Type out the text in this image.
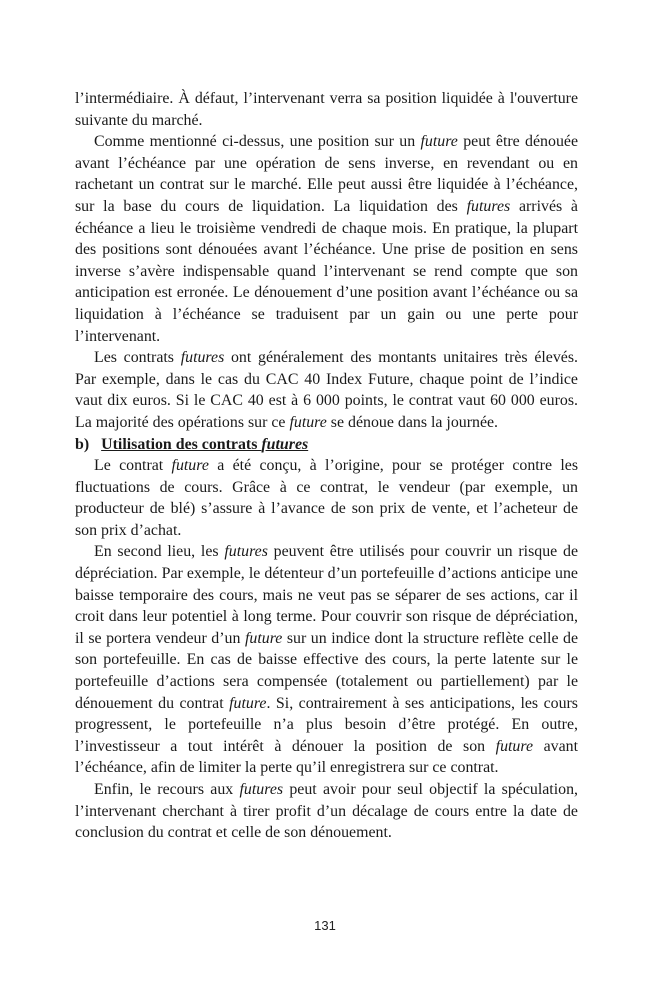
l’intermédiaire. À défaut, l’intervenant verra sa position liquidée à l'ouverture suivante du marché.

Comme mentionné ci-dessus, une position sur un future peut être dénouée avant l’échéance par une opération de sens inverse, en revendant ou en rachetant un contrat sur le marché. Elle peut aussi être liquidée à l’échéance, sur la base du cours de liquidation. La liquidation des futures arrivés à échéance a lieu le troisième vendredi de chaque mois. En pratique, la plupart des positions sont dénouées avant l’échéance. Une prise de position en sens inverse s’avère indispensable quand l’intervenant se rend compte que son anticipation est erronée. Le dénouement d’une position avant l’échéance ou sa liquidation à l’échéance se traduisent par un gain ou une perte pour l’intervenant.

Les contrats futures ont généralement des montants unitaires très élevés. Par exemple, dans le cas du CAC 40 Index Future, chaque point de l’indice vaut dix euros. Si le CAC 40 est à 6 000 points, le contrat vaut 60 000 euros. La majorité des opérations sur ce future se dénoue dans la journée.

b) Utilisation des contrats futures

Le contrat future a été conçu, à l’origine, pour se protéger contre les fluctuations de cours. Grâce à ce contrat, le vendeur (par exemple, un producteur de blé) s’assure à l’avance de son prix de vente, et l’acheteur de son prix d’achat.

En second lieu, les futures peuvent être utilisés pour couvrir un risque de dépréciation. Par exemple, le détenteur d’un portefeuille d’actions anticipe une baisse temporaire des cours, mais ne veut pas se séparer de ses actions, car il croit dans leur potentiel à long terme. Pour couvrir son risque de dépréciation, il se portera vendeur d’un future sur un indice dont la structure reflète celle de son portefeuille. En cas de baisse effective des cours, la perte latente sur le portefeuille d’actions sera compensée (totalement ou partiellement) par le dénouement du contrat future. Si, contrairement à ses anticipations, les cours progressent, le portefeuille n’a plus besoin d’être protégé. En outre, l’investisseur a tout intérêt à dénouer la position de son future avant l’échéance, afin de limiter la perte qu’il enregistrera sur ce contrat.

Enfin, le recours aux futures peut avoir pour seul objectif la spéculation, l’intervenant cherchant à tirer profit d’un décalage de cours entre la date de conclusion du contrat et celle de son dénouement.

131
